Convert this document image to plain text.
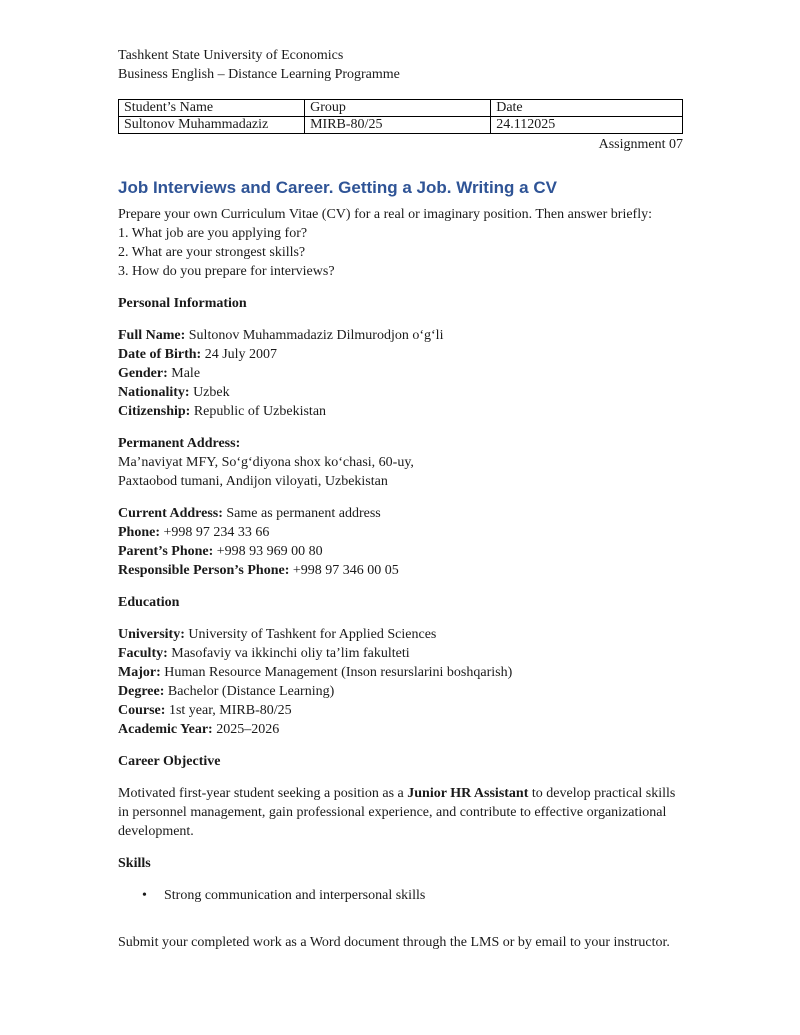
Tashkent State University of Economics
Business English – Distance Learning Programme
Student’s Name	Group	Date
Sultonov Muhammadaziz	MIRB-80/25	24.112025
Assignment 07
Job Interviews and Career. Getting a Job. Writing a CV
Prepare your own Curriculum Vitae (CV) for a real or imaginary position. Then answer briefly:
1. What job are you applying for?
2. What are your strongest skills?
3. How do you prepare for interviews?
Personal Information
Full Name: Sultonov Muhammadaziz Dilmurodjon o‘g‘li
Date of Birth: 24 July 2007
Gender: Male
Nationality: Uzbek
Citizenship: Republic of Uzbekistan
Permanent Address:
Ma’naviyat MFY, So‘g‘diyona shox ko‘chasi, 60-uy,
Paxtaobod tumani, Andijon viloyati, Uzbekistan
Current Address: Same as permanent address
Phone: +998 97 234 33 66
Parent’s Phone: +998 93 969 00 80
Responsible Person’s Phone: +998 97 346 00 05
Education
University: University of Tashkent for Applied Sciences
Faculty: Masofaviy va ikkinchi oliy ta’lim fakulteti
Major: Human Resource Management (Inson resurslarini boshqarish)
Degree: Bachelor (Distance Learning)
Course: 1st year, MIRB-80/25
Academic Year: 2025–2026
Career Objective
Motivated first-year student seeking a position as a Junior HR Assistant to develop practical skills in personnel management, gain professional experience, and contribute to effective organizational development.
Skills
• Strong communication and interpersonal skills
Submit your completed work as a Word document through the LMS or by email to your instructor.
